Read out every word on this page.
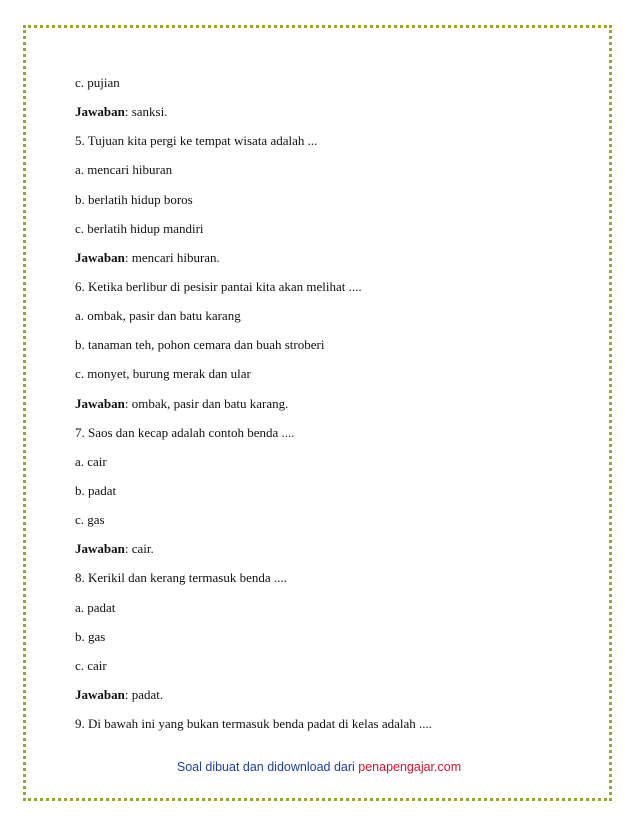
c. pujian
Jawaban: sanksi.
5. Tujuan kita pergi ke tempat wisata adalah ...
a. mencari hiburan
b. berlatih hidup boros
c. berlatih hidup mandiri
Jawaban: mencari hiburan.
6. Ketika berlibur di pesisir pantai kita akan melihat ....
a. ombak, pasir dan batu karang
b. tanaman teh, pohon cemara dan buah stroberi
c. monyet, burung merak dan ular
Jawaban: ombak, pasir dan batu karang.
7. Saos dan kecap adalah contoh benda ....
a. cair
b. padat
c. gas
Jawaban: cair.
8. Kerikil dan kerang termasuk benda ....
a. padat
b. gas
c. cair
Jawaban: padat.
9. Di bawah ini yang bukan termasuk benda padat di kelas adalah ....
Soal dibuat dan didownload dari penapengajar.com
